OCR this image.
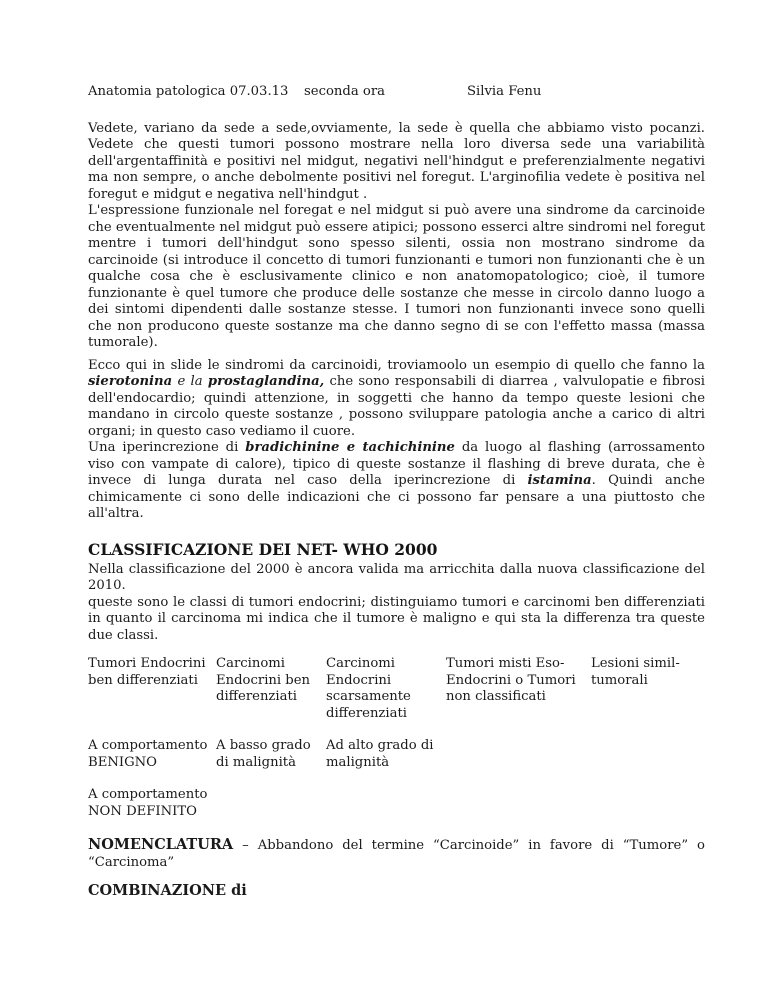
Anatomia patologica 07.03.13	seconda ora	Silvia Fenu

Vedete, variano da sede a sede,ovviamente, la sede è quella che abbiamo visto pocanzi. Vedete che questi tumori possono mostrare nella loro diversa sede una variabilità dell'argentaffinità e positivi nel midgut, negativi nell'hindgut e preferenzialmente negativi ma non sempre, o anche debolmente positivi nel foregut. L'arginofilia vedete è positiva nel foregut e midgut e negativa nell'hindgut .

L'espressione funzionale nel foregat e nel midgut si può avere una sindrome da carcinoide che eventualmente nel midgut può essere atipici; possono esserci altre sindromi nel foregut mentre i tumori dell'hindgut sono spesso silenti, ossia non mostrano sindrome da carcinoide (si introduce il concetto di tumori funzionanti e tumori non funzionanti che è un qualche cosa che è esclusivamente clinico e non anatomopatologico; cioè, il tumore funzionante è quel tumore che produce delle sostanze che messe in circolo danno luogo a dei sintomi dipendenti dalle sostanze stesse. I tumori non funzionanti invece sono quelli che non producono queste sostanze ma che danno segno di se con l'effetto massa (massa tumorale).

Ecco qui in slide le sindromi da carcinoidi, troviamoolo un esempio di quello che fanno la sierotonina e la prostaglandina, che sono responsabili di diarrea , valvulopatie e fibrosi dell'endocardio; quindi attenzione, in soggetti che hanno da tempo queste lesioni che mandano in circolo queste sostanze , possono sviluppare patologia anche a carico di altri organi; in questo caso vediamo il cuore.

Una iperincrezione di bradichinine e tachichinine da luogo al flashing (arrossamento viso con vampate di calore), tipico di queste sostanze il flashing di breve durata, che è invece di lunga durata nel caso della iperincrezione di istamina. Quindi anche chimicamente ci sono delle indicazioni che ci possono far pensare a una piuttosto che all'altra.

CLASSIFICAZIONE DEI NET- WHO 2000

Nella classificazione del 2000 è ancora valida ma arricchita dalla nuova classificazione del 2010.

queste sono le classi di tumori endocrini; distinguiamo tumori e carcinomi ben differenziati in quanto il carcinoma mi indica che il tumore è maligno e qui sta la differenza tra queste due classi.

Tumori Endocrini ben differenziati
Carcinomi Endocrini ben differenziati
Carcinomi Endocrini scarsamente differenziati
Tumori misti Eso-Endocrini o Tumori non classificati
Lesioni simil-tumorali
A comportamento BENIGNO
A basso grado di malignità
Ad alto grado di malignità
A comportamento NON DEFINITO

NOMENCLATURA – Abbandono del termine “Carcinoide” in favore di “Tumore” o “Carcinoma”

COMBINAZIONE di
